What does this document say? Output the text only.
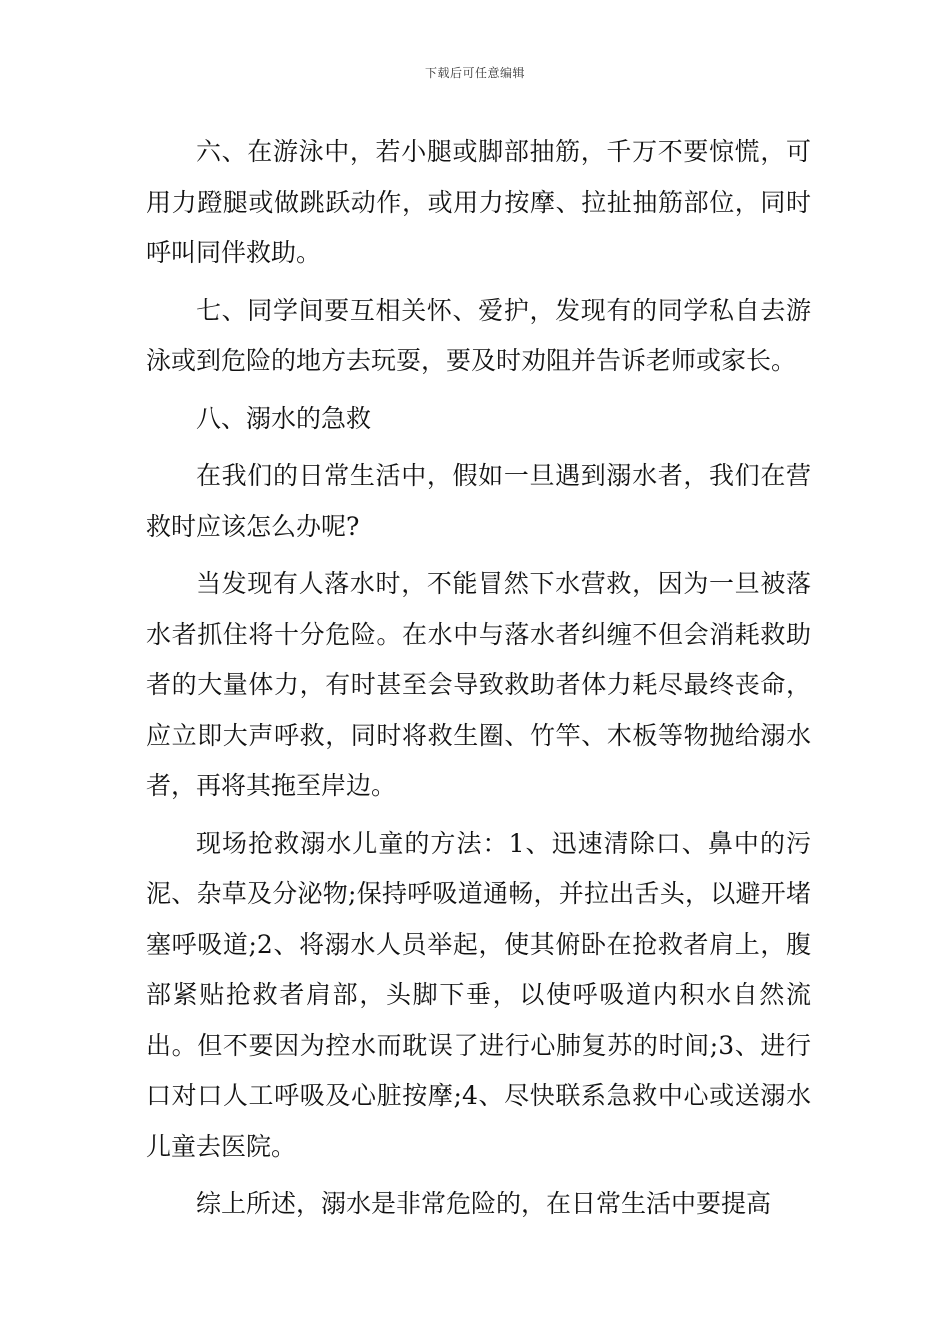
下载后可任意编辑

六、在游泳中，若小腿或脚部抽筋，千万不要惊慌，可用力蹬腿或做跳跃动作，或用力按摩、拉扯抽筋部位，同时呼叫同伴救助。

七、同学间要互相关怀、爱护，发现有的同学私自去游泳或到危险的地方去玩耍，要及时劝阻并告诉老师或家长。

八、溺水的急救

在我们的日常生活中，假如一旦遇到溺水者，我们在营救时应该怎么办呢?

当发现有人落水时，不能冒然下水营救，因为一旦被落水者抓住将十分危险。在水中与落水者纠缠不但会消耗救助者的大量体力，有时甚至会导致救助者体力耗尽最终丧命，应立即大声呼救，同时将救生圈、竹竿、木板等物抛给溺水者，再将其拖至岸边。

现场抢救溺水儿童的方法：1、迅速清除口、鼻中的污泥、杂草及分泌物;保持呼吸道通畅，并拉出舌头，以避开堵塞呼吸道;2、将溺水人员举起，使其俯卧在抢救者肩上，腹部紧贴抢救者肩部，头脚下垂，以使呼吸道内积水自然流出。但不要因为控水而耽误了进行心肺复苏的时间;3、进行口对口人工呼吸及心脏按摩;4、尽快联系急救中心或送溺水儿童去医院。

综上所述，溺水是非常危险的，在日常生活中要提高
